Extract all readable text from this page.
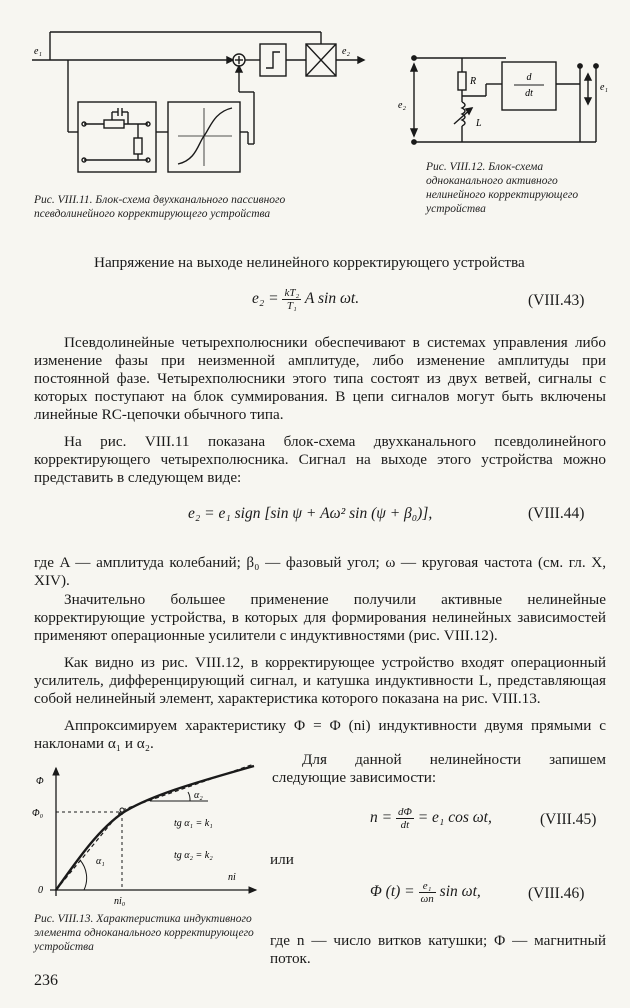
e₁	e₂
Рис. VIII.11. Блок-схема двухканального пассивного псевдолинейного корректирующего устройства
d
dt
R
L
e₂
e₁
Рис. VIII.12. Блок-схема одноканального активного нелинейного корректирующего устройства
Напряжение на выходе нелинейного корректирующего устройства
$e_2 = \frac{\text{kT₂}}{\text{T₁}}$ A sin ωt.	(VIII.43)
Псевдолинейные четырехполюсники обеспечивают в системах управления либо изменение фазы при неизменной амплитуде, либо изменение амплитуды при постоянной фазе. Четырехполюсники этого типа состоят из двух ветвей, сигналы с которых поступают на блок суммирования. В цепи сигналов могут быть включены линейные RC-цепочки обычного типа.
На рис. VIII.11 показана блок-схема двухканального псевдолинейного корректирующего четырехполюсника. Сигнал на выходе этого устройства можно представить в следующем виде:
e₂ = e₁ sign [sin ψ + Aω² sin (ψ + β₀)],	(VIII.44)
где A — амплитуда колебаний; β₀ — фазовый угол; ω — круговая частота (см. гл. X, XIV).
Значительно большее применение получили активные нелинейные корректирующие устройства, в которых для формирования нелинейных зависимостей применяют операционные усилители с индуктивностями (рис. VIII.12).
Как видно из рис. VIII.12, в корректирующее устройство входят операционный усилитель, дифференцирующий сигнал, и катушка индуктивности L, представляющая собой нелинейный элемент, характеристика которого показана на рис. VIII.13.
Аппроксимируем характеристику Φ = Φ (ni) индуктивности двумя прямыми с наклонами α₁ и α₂.
Φ
Φ₀
0
ni₀
ni
α₂
α₁
tg α₁ = k₁
tg α₂ = k₂
Рис. VIII.13. Характеристика индуктивного элемента одноканального корректирующего устройства
Для данной нелинейности запишем следующие зависимости:
$n = \frac{d\Phi}{dt} = e_1$ cos ωt,	(VIII.45)
или
Φ $(t) = \frac{\text{e₁}}{\omega n}$ sin ωt,	(VIII.46)
где n — число витков катушки; Φ — магнитный поток.
236
